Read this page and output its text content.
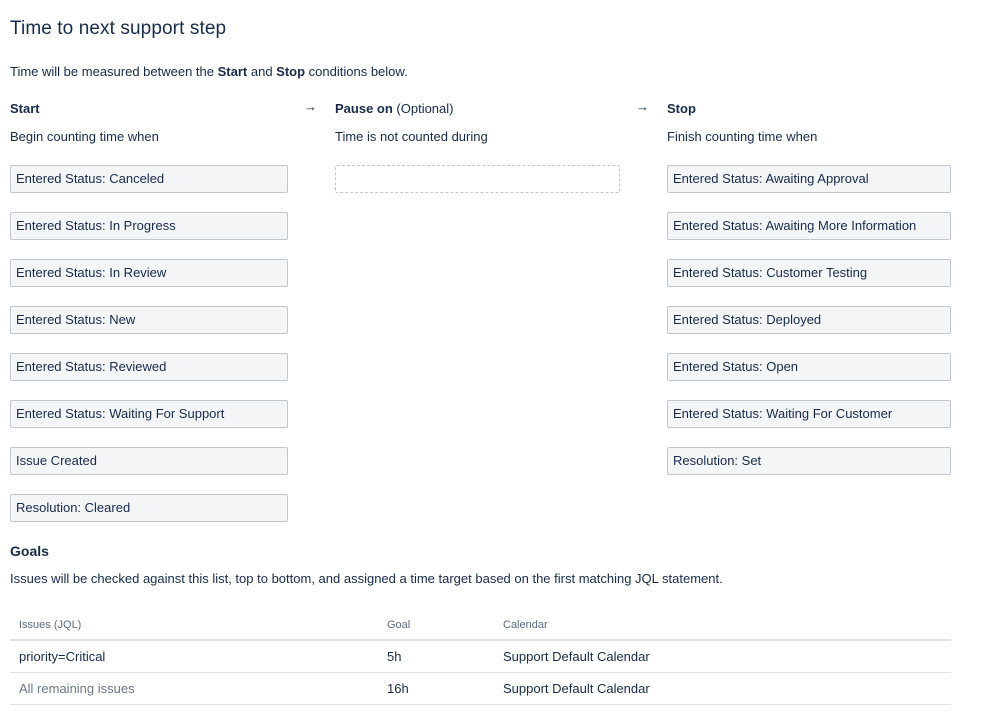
Time to next support step
Time will be measured between the Start and Stop conditions below.
Start
Begin counting time when
Entered Status: Canceled
Entered Status: In Progress
Entered Status: In Review
Entered Status: New
Entered Status: Reviewed
Entered Status: Waiting For Support
Issue Created
Resolution: Cleared
→ Pause on (Optional)
Time is not counted during
→ Stop
Finish counting time when
Entered Status: Awaiting Approval
Entered Status: Awaiting More Information
Entered Status: Customer Testing
Entered Status: Deployed
Entered Status: Open
Entered Status: Waiting For Customer
Resolution: Set
Goals
Issues will be checked against this list, top to bottom, and assigned a time target based on the first matching JQL statement.
Issues (JQL)	Goal	Calendar
priority=Critical	5h	Support Default Calendar
All remaining issues	16h	Support Default Calendar
